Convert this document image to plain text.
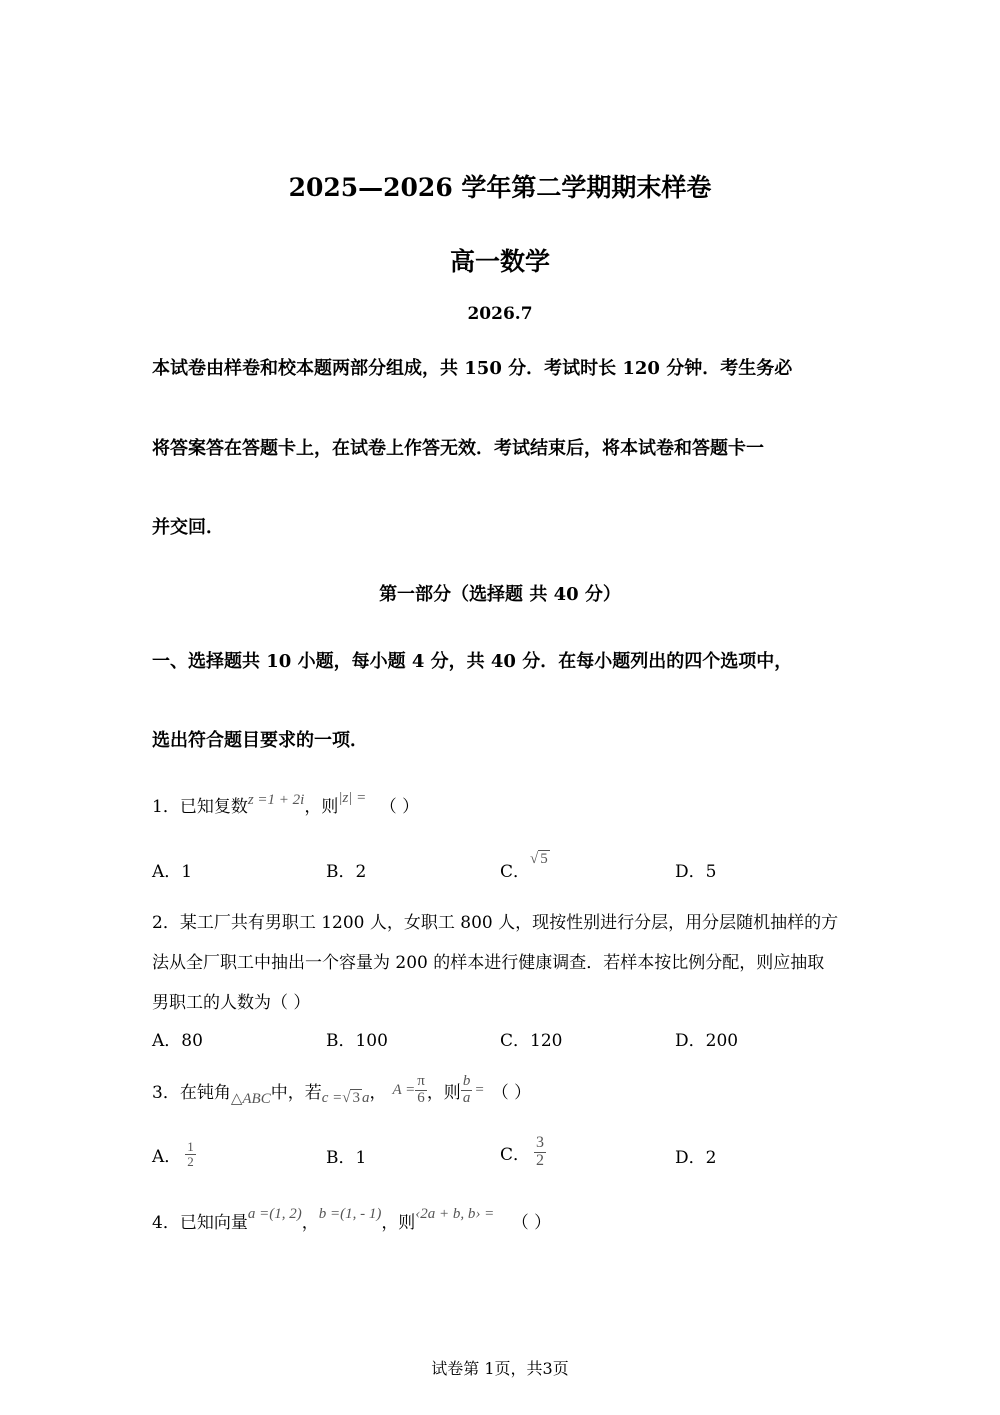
2025—2026 学年第二学期期末样卷
高一数学
2026.7
本试卷由样卷和校本题两部分组成，共 150 分．考试时长 120 分钟．考生务必
将答案答在答题卡上，在试卷上作答无效．考试结束后，将本试卷和答题卡一
并交回．
第一部分（选择题 共 40 分）
一、选择题共 10 小题，每小题 4 分，共 40 分．在每小题列出的四个选项中，
选出符合题目要求的一项．
1．已知复数z =1 + 2i，则|z| = （ ）
A．1	B．2	C．√ 5
D．5
2．某工厂共有男职工 1200 人，女职工 800 人，现按性别进行分层，用分层随机抽样的方
法从全厂职工中抽出一个容量为 200 的样本进行健康调查．若样本按比例分配，则应抽取
男职工的人数为（ ）
A．80	B．100	C．120	D．200
3．在钝角 △ABC 中，若 c =√ 3 a ， $A = \frac{\pi}{6}$ ，则 $\frac{b}{a}$ = （ ）
A． $\frac{1}{2}$	B．1	C． $\frac{3}{2}$	D．2
4．已知向量a =(1, 2)，b =(1, - 1)，则‹2a + b, b› = （ ）
试卷第 1页，共3页
